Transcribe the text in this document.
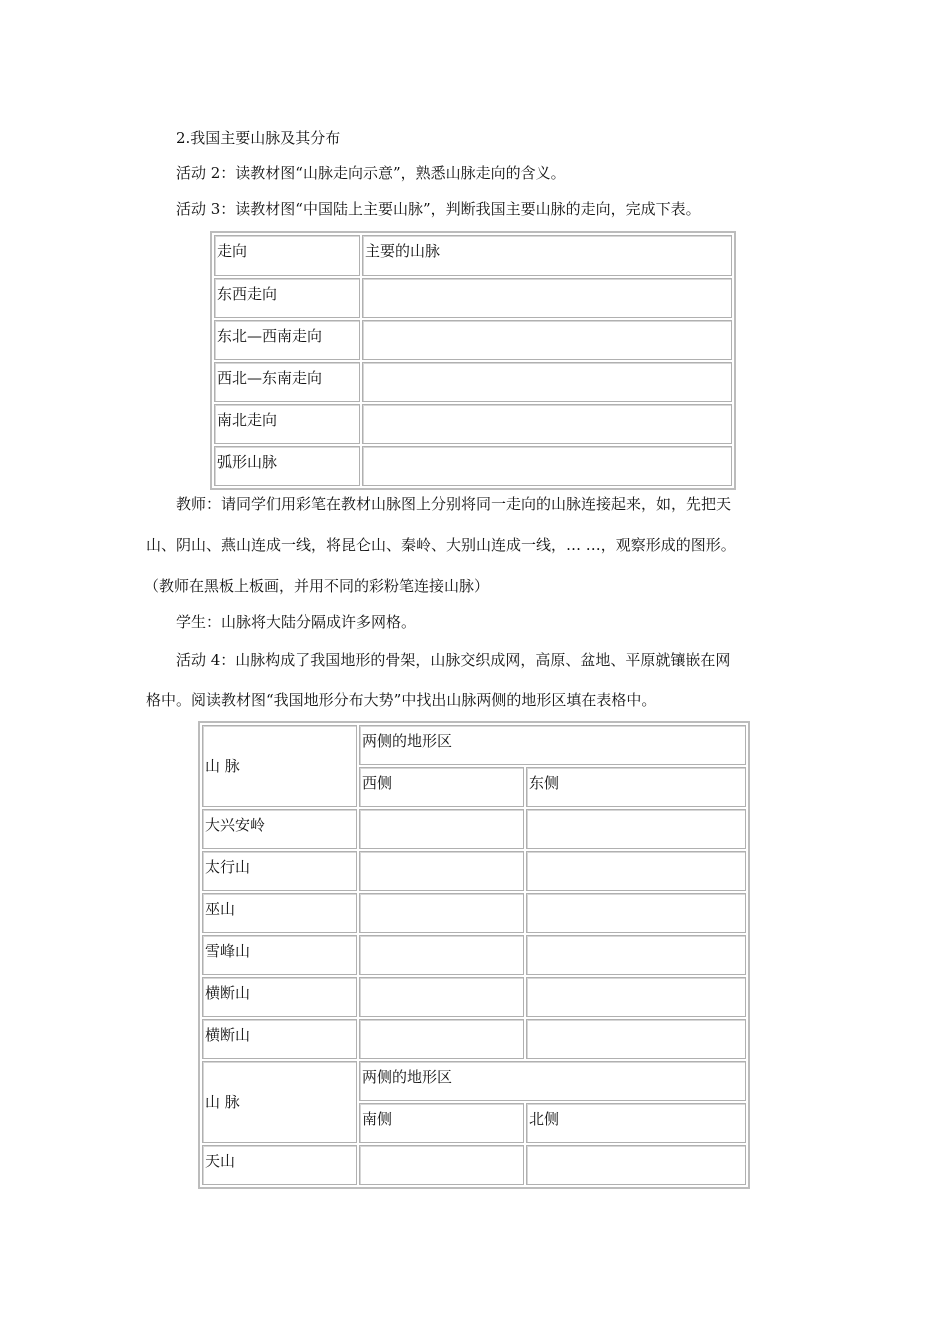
2.我国主要山脉及其分布
活动 2：读教材图“山脉走向示意”，熟悉山脉走向的含义。
活动 3：读教材图“中国陆上主要山脉”，判断我国主要山脉的走向，完成下表。
走向	主要的山脉

东西走向	

东北—西南走向	

西北—东南走向	

南北走向	

弧形山脉	

教师：请同学们用彩笔在教材山脉图上分别将同一走向的山脉连接起来，如，先把天
山、阴山、燕山连成一线，将昆仑山、秦岭、大别山连成一线，… …，观察形成的图形。
（教师在黑板上板画，并用不同的彩粉笔连接山脉）
学生：山脉将大陆分隔成许多网格。
活动 4：山脉构成了我国地形的骨架，山脉交织成网，高原、盆地、平原就镶嵌在网
格中。阅读教材图“我国地形分布大势”中找出山脉两侧的地形区填在表格中。
山 脉	两侧的地形区	

	西侧	东侧

大兴安岭		

太行山		

巫山		

雪峰山		

横断山		

横断山		

山 脉	两侧的地形区	

	南侧	北侧

天山		
